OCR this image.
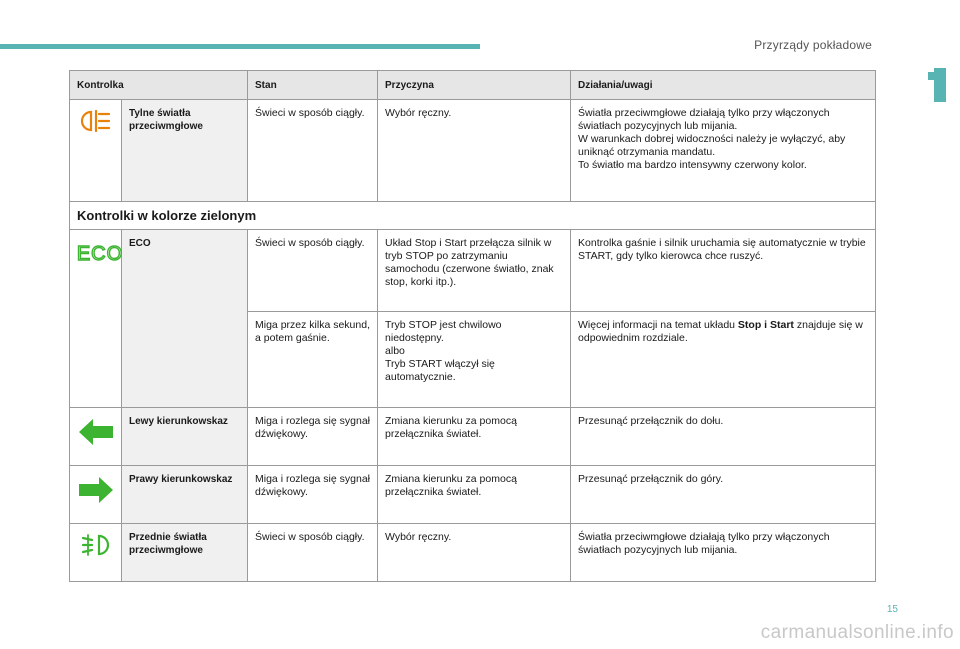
Przyrządy pokładowe
Kontrolka		Stan	Przyczyna	Działania/uwagi
	Tylne światła przeciwmgłowe	Świeci w sposób ciągły.	Wybór ręczny.	Światła przeciwmgłowe działają tylko przy włączonych światłach pozycyjnych lub mijania.
W warunkach dobrej widoczności należy je wyłączyć, aby uniknąć otrzymania mandatu.
To światło ma bardzo intensywny czerwony kolor.
Kontrolki w kolorze zielonym				

ECO	ECO	Świeci w sposób ciągły.	Układ Stop i Start przełącza silnik w tryb STOP po zatrzymaniu samochodu (czerwone światło, znak stop, korki itp.).	Kontrolka gaśnie i silnik uruchamia się automatycznie w trybie START, gdy tylko kierowca chce ruszyć.
		Miga przez kilka sekund, a potem gaśnie.	Tryb STOP jest chwilowo niedostępny.
albo
Tryb START włączył się automatycznie.	Więcej informacji na temat układu Stop i Start znajduje się w odpowiednim rozdziale.
	Lewy kierunkowskaz	Miga i rozlega się sygnał dźwiękowy.	Zmiana kierunku za pomocą przełącznika świateł.	Przesunąć przełącznik do dołu.
	Prawy kierunkowskaz	Miga i rozlega się sygnał dźwiękowy.	Zmiana kierunku za pomocą przełącznika świateł.	Przesunąć przełącznik do góry.
	Przednie światła przeciwmgłowe	Świeci w sposób ciągły.	Wybór ręczny.	Światła przeciwmgłowe działają tylko przy włączonych światłach pozycyjnych lub mijania.
15
carmanualsonline.info
